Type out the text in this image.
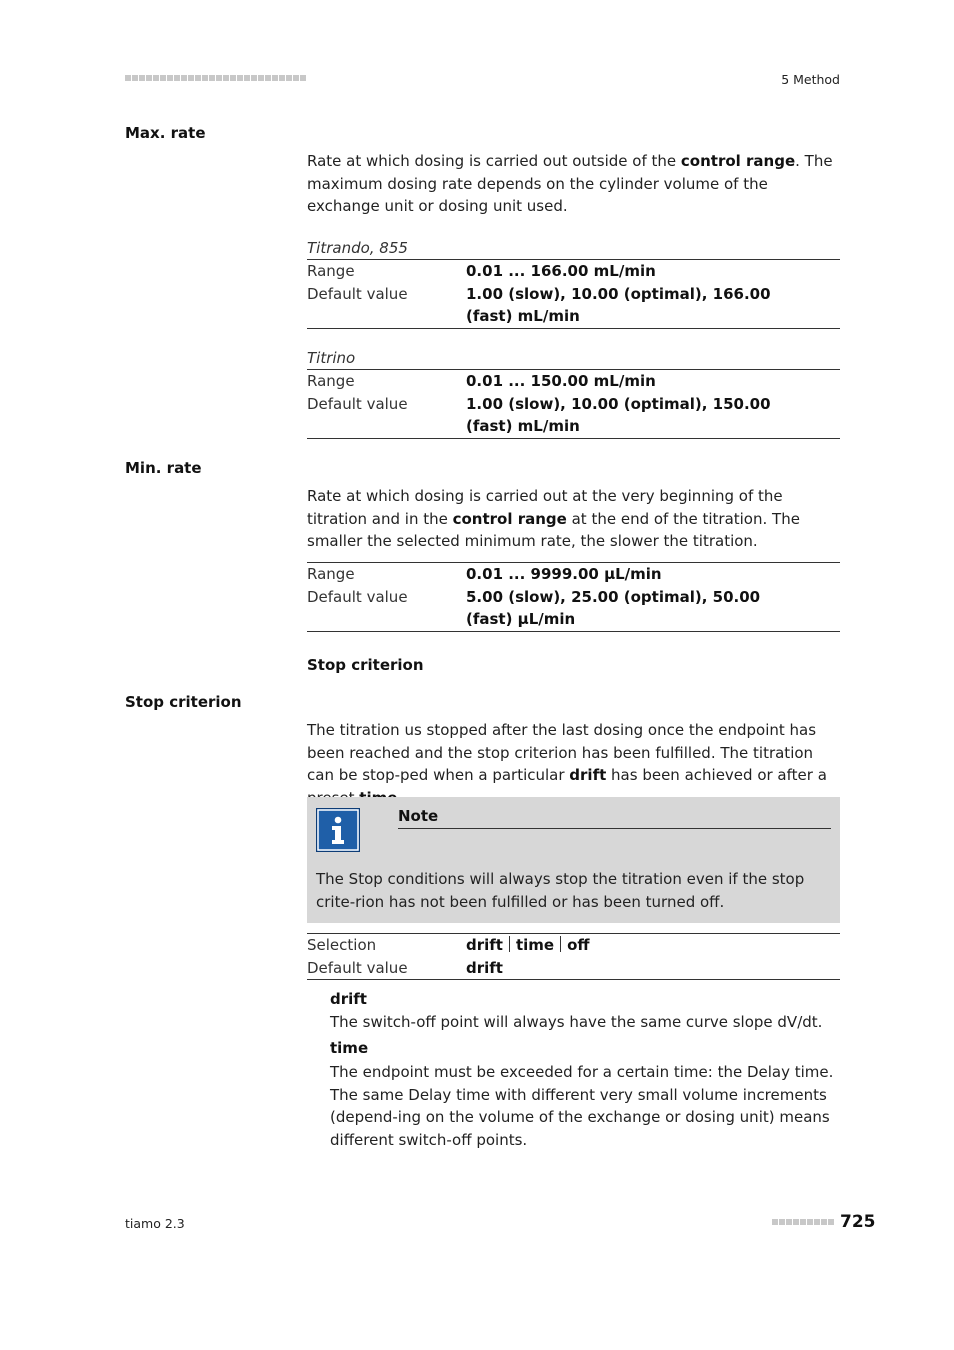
5 Method
Max. rate
Rate at which dosing is carried out outside of the control range. The maximum dosing rate depends on the cylinder volume of the exchange unit or dosing unit used.
Titrando, 855
Range	0.01 ... 166.00 mL/min
Default value	1.00 (slow), 10.00 (optimal), 166.00
(fast) mL/min
Titrino
Range	0.01 ... 150.00 mL/min
Default value	1.00 (slow), 10.00 (optimal), 150.00
(fast) mL/min
Min. rate
Rate at which dosing is carried out at the very beginning of the titration and in the control range at the end of the titration. The smaller the selected minimum rate, the slower the titration.
Range	0.01 ... 9999.00 µL/min
Default value	5.00 (slow), 25.00 (optimal), 50.00
(fast) µL/min
Stop criterion
Stop criterion
The titration us stopped after the last dosing once the endpoint has been reached and the stop criterion has been fulfilled. The titration can be stop-ped when a particular drift has been achieved or after a
Note
The Stop conditions will always stop the titration even if the stop crite-rion has not been fulfilled or has been turned off.
Selection	drift time off
Default value	drift
drift
The switch-off point will always have the same curve slope dV/dt.
time
The endpoint must be exceeded for a certain time: the Delay time. The same Delay time with different very small volume increments (depend-ing on the volume of the exchange or dosing unit) means different switch-off points.
tiamo 2.3	725
